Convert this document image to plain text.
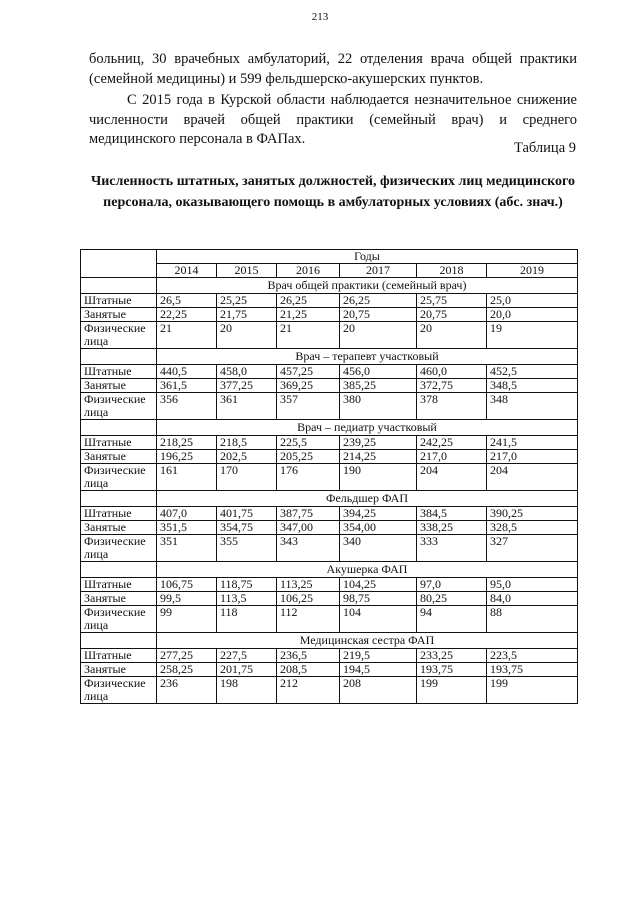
213
больниц, 30 врачебных амбулаторий, 22 отделения врача общей практики (семейной медицины) и 599 фельдшерско-акушерских пунктов.
С 2015 года в Курской области наблюдается незначительное снижение численности врачей общей практики (семейный врач) и среднего медицинского персонала в ФАПах.
Таблица 9
Численность штатных, занятых должностей, физических лиц медицинского персонала, оказывающего помощь в амбулаторных условиях (абс. знач.)
	Годы					
	2014	2015	2016	2017	2018	2019
	Врач общей практики (семейный врач)					
Штатные	26,5	25,25	26,25	26,25	25,75	25,0
Занятые	22,25	21,75	21,25	20,75	20,75	20,0
Физические лица	21	20	21	20	20	19
	Врач – терапевт участковый					
Штатные	440,5	458,0	457,25	456,0	460,0	452,5
Занятые	361,5	377,25	369,25	385,25	372,75	348,5
Физические лица	356	361	357	380	378	348
	Врач – педиатр участковый					
Штатные	218,25	218,5	225,5	239,25	242,25	241,5
Занятые	196,25	202,5	205,25	214,25	217,0	217,0
Физические лица	161	170	176	190	204	204
	Фельдшер ФАП					
Штатные	407,0	401,75	387,75	394,25	384,5	390,25
Занятые	351,5	354,75	347,00	354,00	338,25	328,5
Физические лица	351	355	343	340	333	327
	Акушерка ФАП					
Штатные	106,75	118,75	113,25	104,25	97,0	95,0
Занятые	99,5	113,5	106,25	98,75	80,25	84,0
Физические лица	99	118	112	104	94	88
	Медицинская сестра ФАП					
Штатные	277,25	227,5	236,5	219,5	233,25	223,5
Занятые	258,25	201,75	208,5	194,5	193,75	193,75
Физические лица	236	198	212	208	199	199
